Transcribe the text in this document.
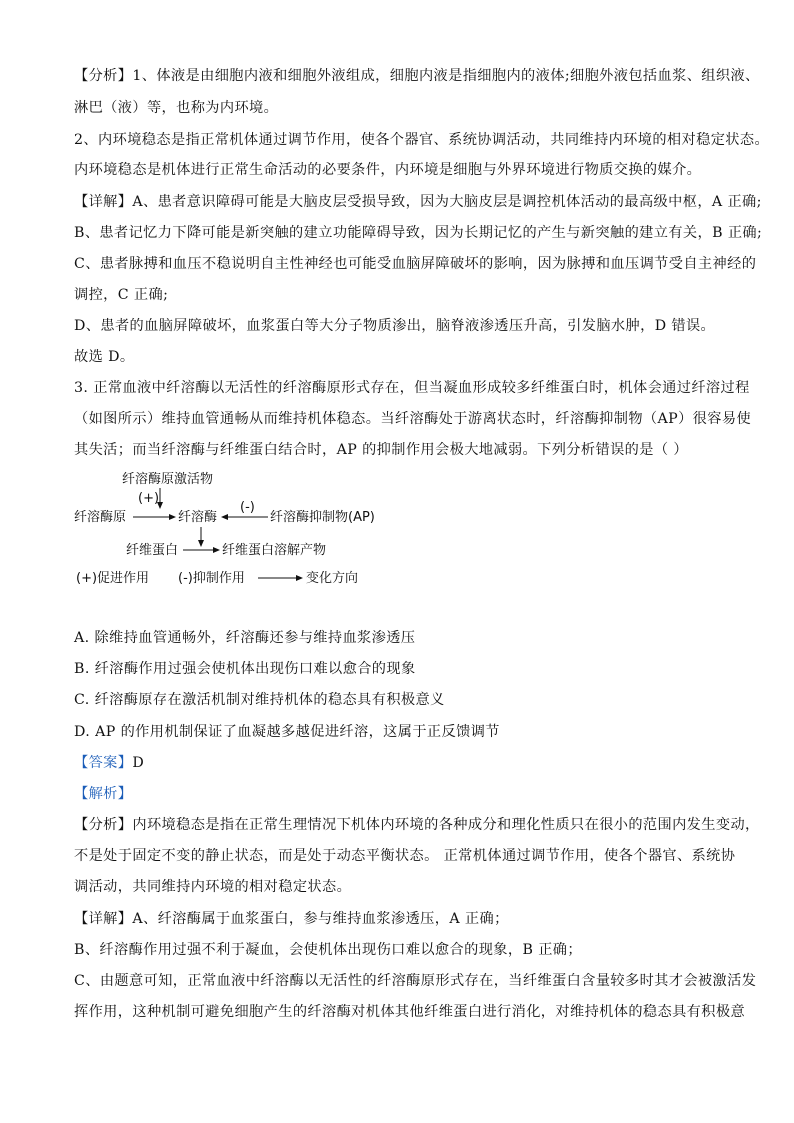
【分析】1、体液是由细胞内液和细胞外液组成，细胞内液是指细胞内的液体;细胞外液包括血浆、组织液、
淋巴（液）等，也称为内环境。
2、内环境稳态是指正常机体通过调节作用，使各个器官、系统协调活动，共同维持内环境的相对稳定状态。
内环境稳态是机体进行正常生命活动的必要条件，内环境是细胞与外界环境进行物质交换的媒介。
【详解】A、患者意识障碍可能是大脑皮层受损导致，因为大脑皮层是调控机体活动的最高级中枢，A 正确;
B、患者记忆力下降可能是新突触的建立功能障碍导致，因为长期记忆的产生与新突触的建立有关，B 正确;
C、患者脉搏和血压不稳说明自主性神经也可能受血脑屏障破坏的影响，因为脉搏和血压调节受自主神经的
调控，C 正确;
D、患者的血脑屏障破坏，血浆蛋白等大分子物质渗出，脑脊液渗透压升高，引发脑水肿，D 错误。
故选 D。
3. 正常血液中纤溶酶以无活性的纤溶酶原形式存在，但当凝血形成较多纤维蛋白时，机体会通过纤溶过程
（如图所示）维持血管通畅从而维持机体稳态。当纤溶酶处于游离状态时，纤溶酶抑制物（AP）很容易使
其失活；而当纤溶酶与纤维蛋白结合时，AP 的抑制作用会极大地减弱。下列分析错误的是（ ）
纤溶酶原激活物
(+)
纤溶酶原	纤溶酶
(-)
纤溶酶抑制物(AP)
纤维蛋白	纤维蛋白溶解产物
(+)促进作用 (-)抑制作用	变化方向
A. 除维持血管通畅外，纤溶酶还参与维持血浆渗透压
B. 纤溶酶作用过强会使机体出现伤口难以愈合的现象
C. 纤溶酶原存在激活机制对维持机体的稳态具有积极意义
D. AP 的作用机制保证了血凝越多越促进纤溶，这属于正反馈调节
【答案】D
【解析】
【分析】内环境稳态是指在正常生理情况下机体内环境的各种成分和理化性质只在很小的范围内发生变动，
不是处于固定不变的静止状态，而是处于动态平衡状态。 正常机体通过调节作用，使各个器官、系统协
调活动，共同维持内环境的相对稳定状态。
【详解】A、纤溶酶属于血浆蛋白，参与维持血浆渗透压，A 正确；
B、纤溶酶作用过强不利于凝血，会使机体出现伤口难以愈合的现象，B 正确；
C、由题意可知，正常血液中纤溶酶以无活性的纤溶酶原形式存在，当纤维蛋白含量较多时其才会被激活发
挥作用，这种机制可避免细胞产生的纤溶酶对机体其他纤维蛋白进行消化，对维持机体的稳态具有积极意
